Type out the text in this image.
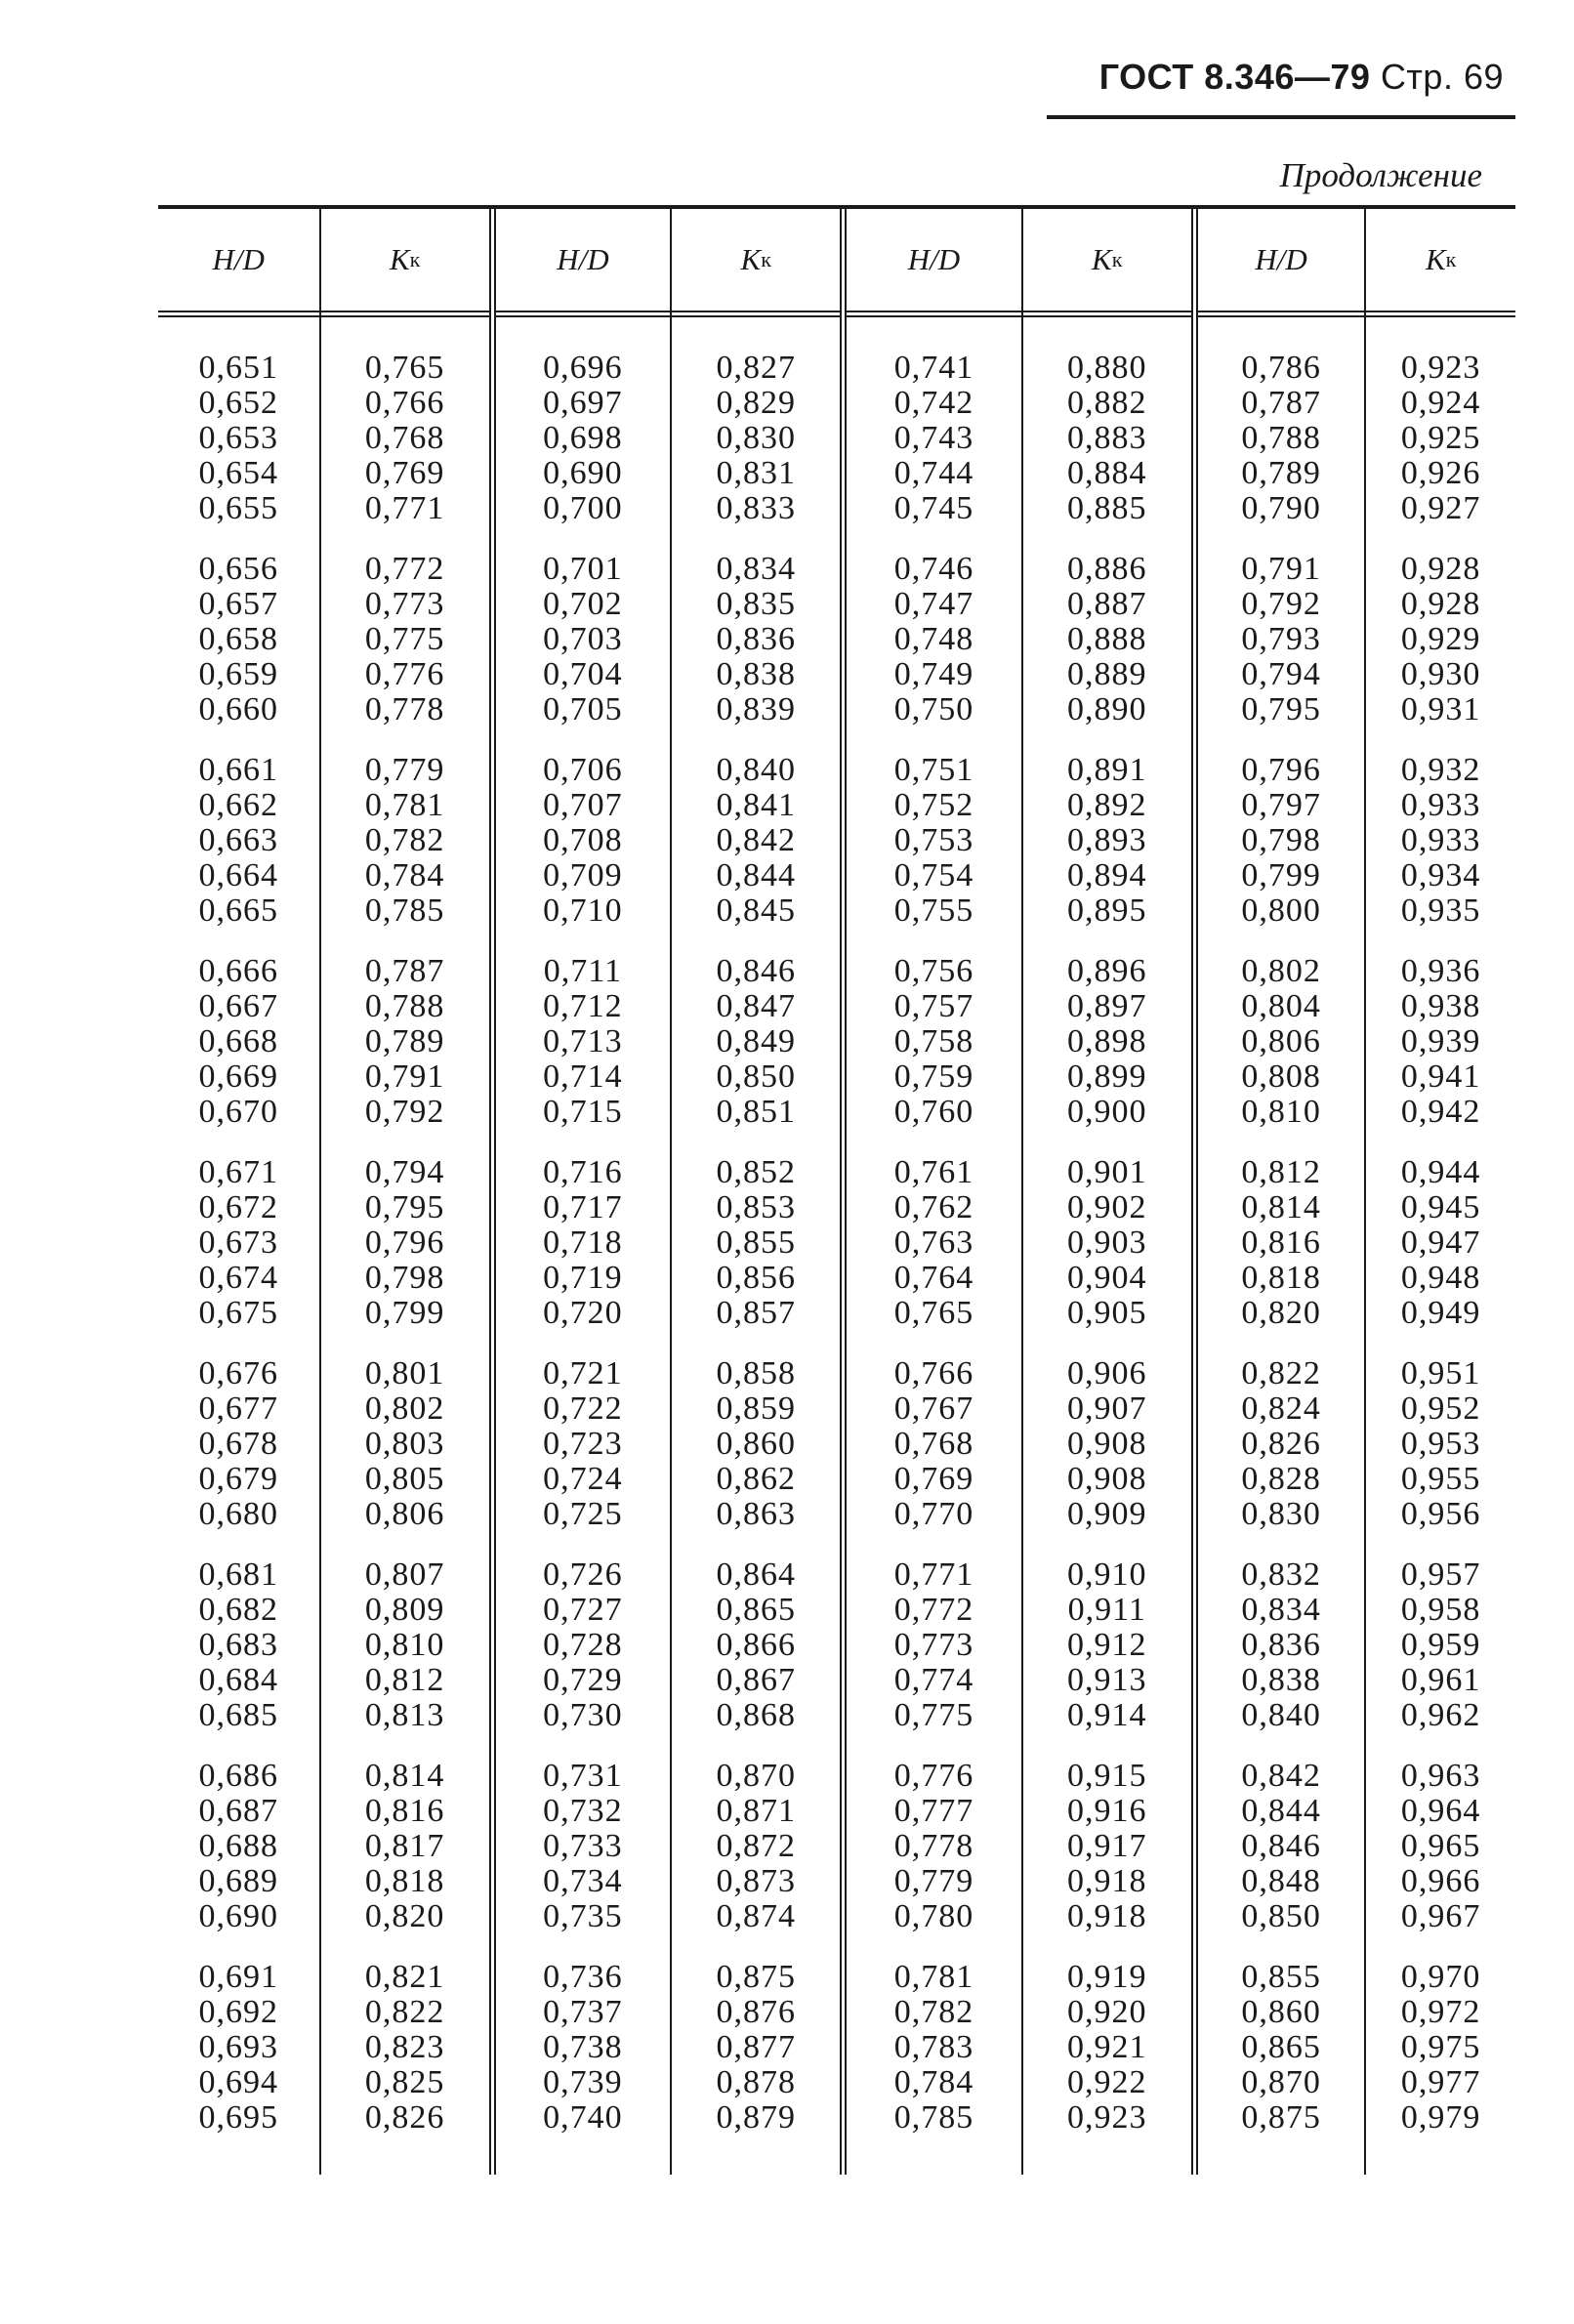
ГОСТ 8.346—79 Стр. 69
Продолжение
H/D
0,651
0,652
0,653
0,654
0,655
0,656
0,657
0,658
0,659
0,660
0,661
0,662
0,663
0,664
0,665
0,666
0,667
0,668
0,669
0,670
0,671
0,672
0,673
0,674
0,675
0,676
0,677
0,678
0,679
0,680
0,681
0,682
0,683
0,684
0,685
0,686
0,687
0,688
0,689
0,690
0,691
0,692
0,693
0,694
0,695
K к
0,765
0,766
0,768
0,769
0,771
0,772
0,773
0,775
0,776
0,778
0,779
0,781
0,782
0,784
0,785
0,787
0,788
0,789
0,791
0,792
0,794
0,795
0,796
0,798
0,799
0,801
0,802
0,803
0,805
0,806
0,807
0,809
0,810
0,812
0,813
0,814
0,816
0,817
0,818
0,820
0,821
0,822
0,823
0,825
0,826
H/D
0,696
0,697
0,698
0,690
0,700
0,701
0,702
0,703
0,704
0,705
0,706
0,707
0,708
0,709
0,710
0,711
0,712
0,713
0,714
0,715
0,716
0,717
0,718
0,719
0,720
0,721
0,722
0,723
0,724
0,725
0,726
0,727
0,728
0,729
0,730
0,731
0,732
0,733
0,734
0,735
0,736
0,737
0,738
0,739
0,740
K к
0,827
0,829
0,830
0,831
0,833
0,834
0,835
0,836
0,838
0,839
0,840
0,841
0,842
0,844
0,845
0,846
0,847
0,849
0,850
0,851
0,852
0,853
0,855
0,856
0,857
0,858
0,859
0,860
0,862
0,863
0,864
0,865
0,866
0,867
0,868
0,870
0,871
0,872
0,873
0,874
0,875
0,876
0,877
0,878
0,879
H/D
0,741
0,742
0,743
0,744
0,745
0,746
0,747
0,748
0,749
0,750
0,751
0,752
0,753
0,754
0,755
0,756
0,757
0,758
0,759
0,760
0,761
0,762
0,763
0,764
0,765
0,766
0,767
0,768
0,769
0,770
0,771
0,772
0,773
0,774
0,775
0,776
0,777
0,778
0,779
0,780
0,781
0,782
0,783
0,784
0,785
K к
0,880
0,882
0,883
0,884
0,885
0,886
0,887
0,888
0,889
0,890
0,891
0,892
0,893
0,894
0,895
0,896
0,897
0,898
0,899
0,900
0,901
0,902
0,903
0,904
0,905
0,906
0,907
0,908
0,908
0,909
0,910
0,911
0,912
0,913
0,914
0,915
0,916
0,917
0,918
0,918
0,919
0,920
0,921
0,922
0,923
H/D
0,786
0,787
0,788
0,789
0,790
0,791
0,792
0,793
0,794
0,795
0,796
0,797
0,798
0,799
0,800
0,802
0,804
0,806
0,808
0,810
0,812
0,814
0,816
0,818
0,820
0,822
0,824
0,826
0,828
0,830
0,832
0,834
0,836
0,838
0,840
0,842
0,844
0,846
0,848
0,850
0,855
0,860
0,865
0,870
0,875
K к
0,923
0,924
0,925
0,926
0,927
0,928
0,928
0,929
0,930
0,931
0,932
0,933
0,933
0,934
0,935
0,936
0,938
0,939
0,941
0,942
0,944
0,945
0,947
0,948
0,949
0,951
0,952
0,953
0,955
0,956
0,957
0,958
0,959
0,961
0,962
0,963
0,964
0,965
0,966
0,967
0,970
0,972
0,975
0,977
0,979
